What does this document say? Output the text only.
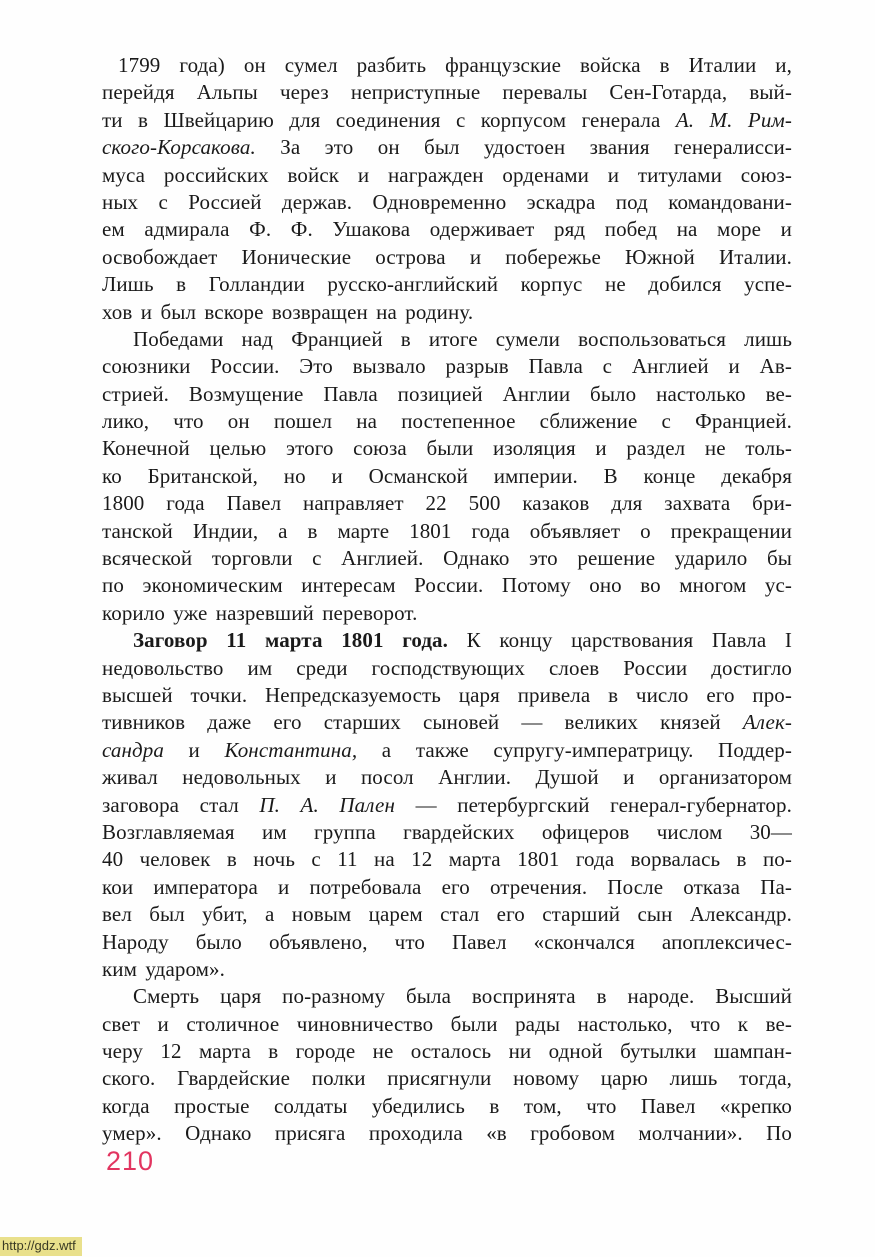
1799 года) он сумел разбить французские войска в Италии и,
перейдя Альпы через неприступные перевалы Сен-Готарда, вый-
ти в Швейцарию для соединения с корпусом генерала А. М. Рим-
ского-Корсакова. За это он был удостоен звания генералисси-
муса российских войск и награжден орденами и титулами союз-
ных с Россией держав. Одновременно эскадра под командовани-
ем адмирала Ф. Ф. Ушакова одерживает ряд побед на море и
освобождает Ионические острова и побережье Южной Италии.
Лишь в Голландии русско-английский корпус не добился успе-
хов и был вскоре возвращен на родину.
Победами над Францией в итоге сумели воспользоваться лишь
союзники России. Это вызвало разрыв Павла с Англией и Ав-
стрией. Возмущение Павла позицией Англии было настолько ве-
лико, что он пошел на постепенное сближение с Францией.
Конечной целью этого союза были изоляция и раздел не толь-
ко Британской, но и Османской империи. В конце декабря
1800 года Павел направляет 22 500 казаков для захвата бри-
танской Индии, а в марте 1801 года объявляет о прекращении
всяческой торговли с Англией. Однако это решение ударило бы
по экономическим интересам России. Потому оно во многом ус-
корило уже назревший переворот.
Заговор 11 марта 1801 года. К концу царствования Павла I
недовольство им среди господствующих слоев России достигло
высшей точки. Непредсказуемость царя привела в число его про-
тивников даже его старших сыновей — великих князей Алек-
сандра и Константина, а также супругу-императрицу. Поддер-
живал недовольных и посол Англии. Душой и организатором
заговора стал П. А. Пален — петербургский генерал-губернатор.
Возглавляемая им группа гвардейских офицеров числом 30—
40 человек в ночь с 11 на 12 марта 1801 года ворвалась в по-
кои императора и потребовала его отречения. После отказа Па-
вел был убит, а новым царем стал его старший сын Александр.
Народу было объявлено, что Павел «скончался апоплексичес-
ким ударом».
Смерть царя по-разному была воспринята в народе. Высший
свет и столичное чиновничество были рады настолько, что к ве-
черу 12 марта в городе не осталось ни одной бутылки шампан-
ского. Гвардейские полки присягнули новому царю лишь тогда,
когда простые солдаты убедились в том, что Павел «крепко
умер». Однако присяга проходила «в гробовом молчании». По
210
http://gdz.wtf
